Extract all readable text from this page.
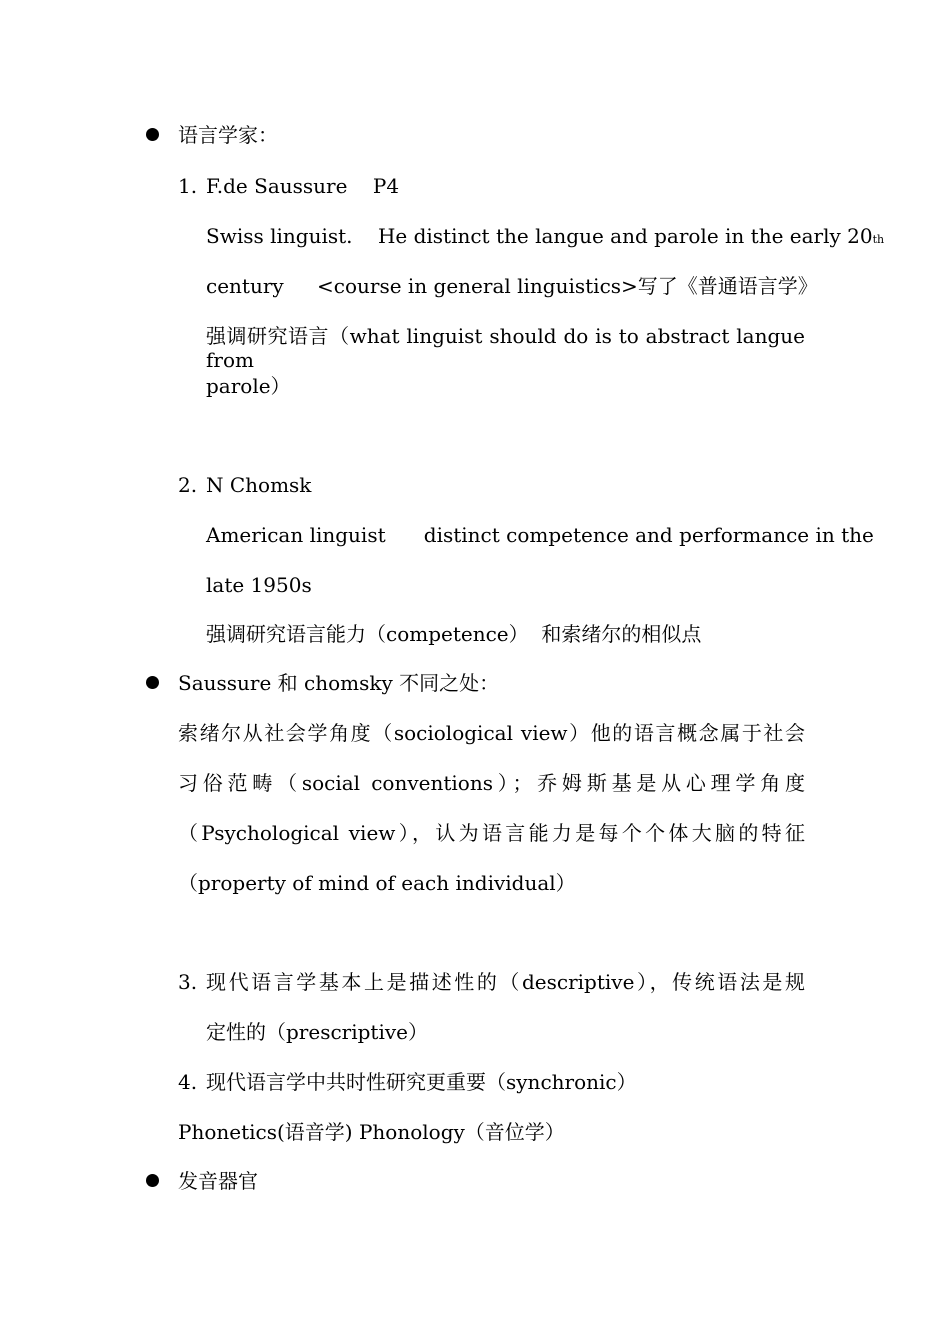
语言学家：
1. F.de Saussure    P4
Swiss linguist.    He distinct the langue and parole in the early 20th
century <course in general linguistics>写了《普通语言学》
强调研究语言（what linguist should do is to abstract langue from
parole）
2. N Chomsk
American linguist      distinct competence and performance in the
late 1950s
强调研究语言能力（competence）  和索绪尔的相似点
Saussure 和 chomsky 不同之处：
索绪尔从社会学角度（sociological view）他的语言概念属于社会
习俗范畴（social conventions）；乔姆斯基是从心理学角度
（Psychological view），认为语言能力是每个个体大脑的特征
（property of mind of each individual）
3. 现代语言学基本上是描述性的（descriptive），传统语法是规
定性的（prescriptive）
4. 现代语言学中共时性研究更重要（synchronic）
Phonetics(语音学) Phonology（音位学）
发音器官
